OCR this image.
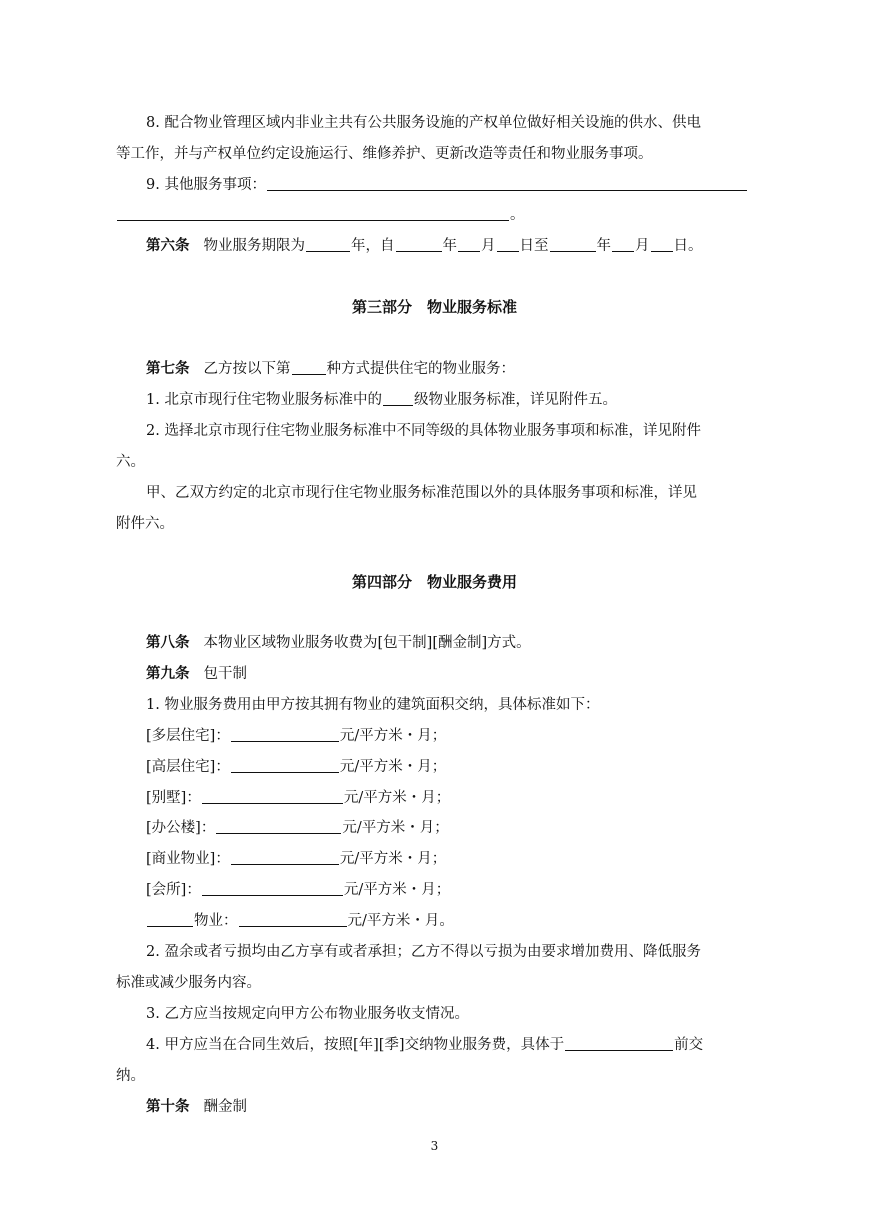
8. 配合物业管理区域内非业主共有公共服务设施的产权单位做好相关设施的供水、供电
等工作，并与产权单位约定设施运行、维修养护、更新改造等责任和物业服务事项。
9. 其他服务事项：
。
第六条 物业服务期限为	年，自	年 月 日至	年 月 日。
第三部分　物业服务标准
第七条 乙方按以下第 种方式提供住宅的物业服务：
1. 北京市现行住宅物业服务标准中的 级物业服务标准，详见附件五。
2. 选择北京市现行住宅物业服务标准中不同等级的具体物业服务事项和标准，详见附件
六。
甲、乙双方约定的北京市现行住宅物业服务标准范围以外的具体服务事项和标准，详见
附件六。
第四部分　物业服务费用
第八条 本物业区域物业服务收费为[包干制][酬金制]方式。
第九条 包干制
1. 物业服务费用由甲方按其拥有物业的建筑面积交纳，具体标准如下：
[多层住宅]：	元/平方米・月；
[高层住宅]：	元/平方米・月；
[别墅]：	元/平方米・月；
[办公楼]：	元/平方米・月；
[商业物业]：	元/平方米・月；
[会所]：	元/平方米・月；
物业：	元/平方米・月。
2. 盈余或者亏损均由乙方享有或者承担；乙方不得以亏损为由要求增加费用、降低服务
标准或减少服务内容。
3. 乙方应当按规定向甲方公布物业服务收支情况。
4. 甲方应当在合同生效后，按照[年][季]交纳物业服务费，具体于	前交
纳。
第十条 酬金制
3
